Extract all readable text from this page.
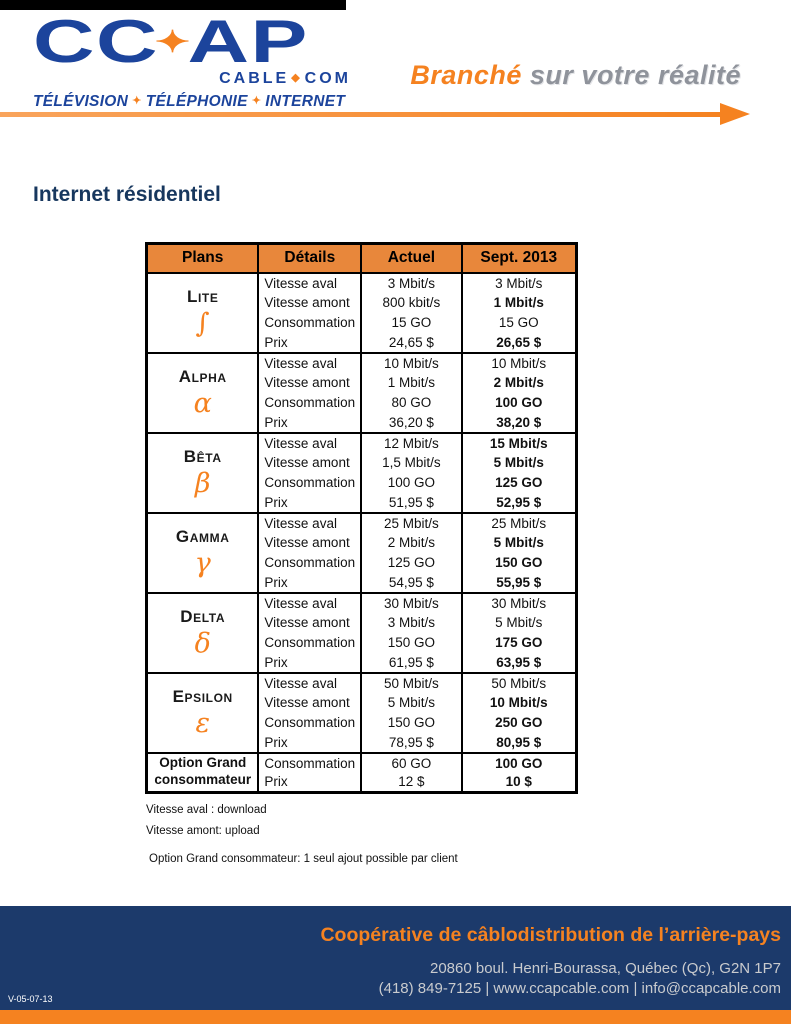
CC✦AP
CABLE ◆ COM
TÉLÉVISION ✦ TÉLÉPHONIE ✦ INTERNET
Branché sur votre réalité
Internet résidentiel
Plans	Détails	Actuel	Sept. 2013

Lite
∫	Vitesse aval	3 Mbit/s	3 Mbit/s
	Vitesse amont	800 kbit/s	1 Mbit/s
	Consommation	15 GO	15 GO
	Prix	24,65 $	26,65 $

Alpha
α	Vitesse aval	10 Mbit/s	10 Mbit/s
	Vitesse amont	1 Mbit/s	2 Mbit/s
	Consommation	80 GO	100 GO
	Prix	36,20 $	38,20 $

Bêta
β	Vitesse aval	12 Mbit/s	15 Mbit/s
	Vitesse amont	1,5 Mbit/s	5 Mbit/s
	Consommation	100 GO	125 GO
	Prix	51,95 $	52,95 $

Gamma
γ	Vitesse aval	25 Mbit/s	25 Mbit/s
	Vitesse amont	2 Mbit/s	5 Mbit/s
	Consommation	125 GO	150 GO
	Prix	54,95 $	55,95 $

Delta
δ	Vitesse aval	30 Mbit/s	30 Mbit/s
	Vitesse amont	3 Mbit/s	5 Mbit/s
	Consommation	150 GO	175 GO
	Prix	61,95 $	63,95 $

Epsilon
ε	Vitesse aval	50 Mbit/s	50 Mbit/s
	Vitesse amont	5 Mbit/s	10 Mbit/s
	Consommation	150 GO	250 GO
	Prix	78,95 $	80,95 $

Option Grand consommateur	Consommation	60 GO	100 GO
	Prix	12 $	10 $

Vitesse aval : download

Vitesse amont: upload

Option Grand consommateur: 1 seul ajout possible par client

Coopérative de câblodistribution de l’arrière-pays
20860 boul. Henri-Bourassa, Québec (Qc), G2N 1P7
(418) 849-7125 | www.ccapcable.com | info@ccapcable.com
V-05-07-13
